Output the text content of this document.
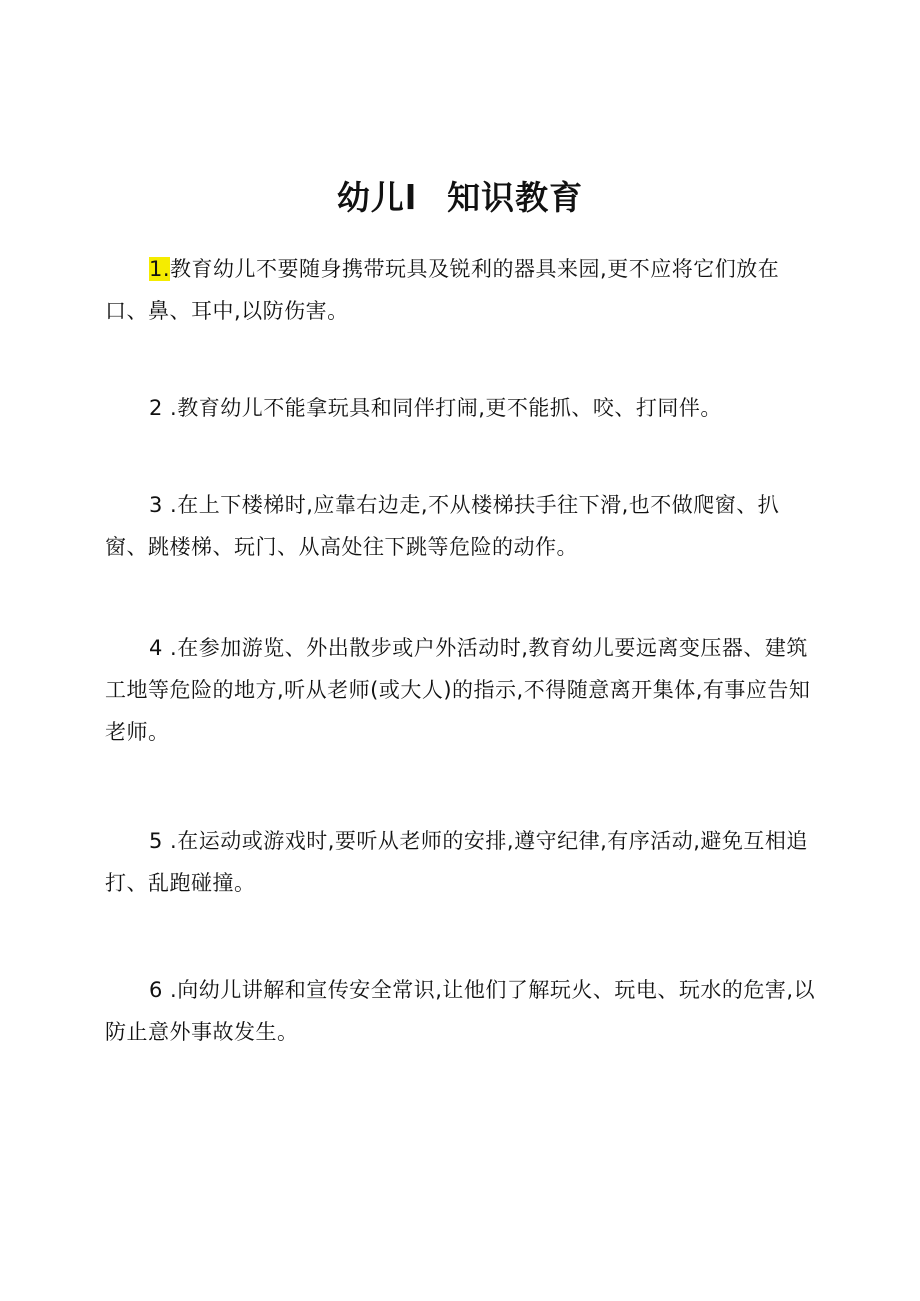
幼儿l 知识教育

1.教育幼儿不要随身携带玩具及锐利的器具来园,更不应将它们放在口、鼻、耳中,以防伤害。

2 .教育幼儿不能拿玩具和同伴打闹,更不能抓、咬、打同伴。

3 .在上下楼梯时,应靠右边走,不从楼梯扶手往下滑,也不做爬窗、扒窗、跳楼梯、玩门、从高处往下跳等危险的动作。

4 .在参加游览、外出散步或户外活动时,教育幼儿要远离变压器、建筑工地等危险的地方,听从老师(或大人)的指示,不得随意离开集体,有事应告知老师。

5 .在运动或游戏时,要听从老师的安排,遵守纪律,有序活动,避免互相追打、乱跑碰撞。

6 .向幼儿讲解和宣传安全常识,让他们了解玩火、玩电、玩水的危害,以防止意外事故发生。
